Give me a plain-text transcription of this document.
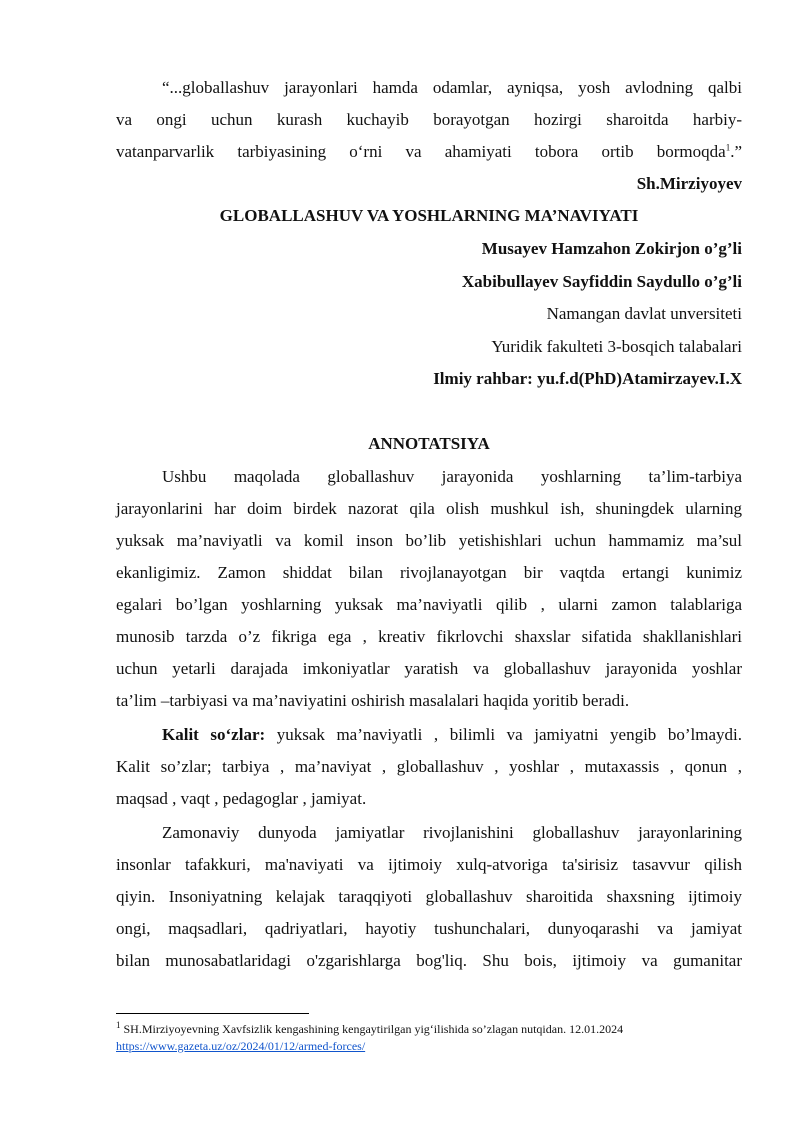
“...globallashuv jarayonlari hamda odamlar, ayniqsa, yosh avlodning qalbi
va ongi uchun kurash kuchayib borayotgan hozirgi sharoitda harbiy-
vatanparvarlik tarbiyasining o‘rni va ahamiyati tobora ortib bormoqda$^1$.”
Sh.Mirziyoyev
GLOBALLASHUV VA YOSHLARNING MA’NAVIYATI
Musayev Hamzahon Zokirjon o’g’li
Xabibullayev Sayfiddin Saydullo o’g’li
Namangan davlat unversiteti
Yuridik fakulteti 3-bosqich talabalari
Ilmiy rahbar: yu.f.d(PhD)Atamirzayev.I.X
ANNOTATSIYA
Ushbu maqolada globallashuv jarayonida yoshlarning ta’lim-tarbiya
jarayonlarini har doim birdek nazorat qila olish mushkul ish, shuningdek ularning
yuksak ma’naviyatli va komil inson bo’lib yetishishlari uchun hammamiz ma’sul
ekanligimiz. Zamon shiddat bilan rivojlanayotgan bir vaqtda ertangi kunimiz
egalari bo’lgan yoshlarning yuksak ma’naviyatli qilib , ularni zamon talablariga
munosib tarzda o’z fikriga ega , kreativ fikrlovchi shaxslar sifatida shakllanishlari
uchun yetarli darajada imkoniyatlar yaratish va globallashuv jarayonida yoshlar
ta’lim –tarbiyasi va ma’naviyatini oshirish masalalari haqida yoritib beradi.
Kalit so‘zlar: yuksak ma’naviyatli , bilimli va jamiyatni yengib bo’lmaydi.
Kalit so’zlar; tarbiya , ma’naviyat , globallashuv , yoshlar , mutaxassis , qonun ,
maqsad , vaqt , pedagoglar , jamiyat.
Zamonaviy dunyoda jamiyatlar rivojlanishini globallashuv jarayonlarining
insonlar tafakkuri, ma'naviyati va ijtimoiy xulq-atvoriga ta'sirisiz tasavvur qilish
qiyin. Insoniyatning kelajak taraqqiyoti globallashuv sharoitida shaxsning ijtimoiy
ongi, maqsadlari, qadriyatlari, hayotiy tushunchalari, dunyoqarashi va jamiyat
bilan munosabatlaridagi o'zgarishlarga bog'liq. Shu bois, ijtimoiy va gumanitar
$^1$ SH.Mirziyoyevning Xavfsizlik kengashining kengaytirilgan yig‘ilishida so’zlagan nutqidan. 12.01.2024
https://www.gazeta.uz/oz/2024/01/12/armed-forces/
